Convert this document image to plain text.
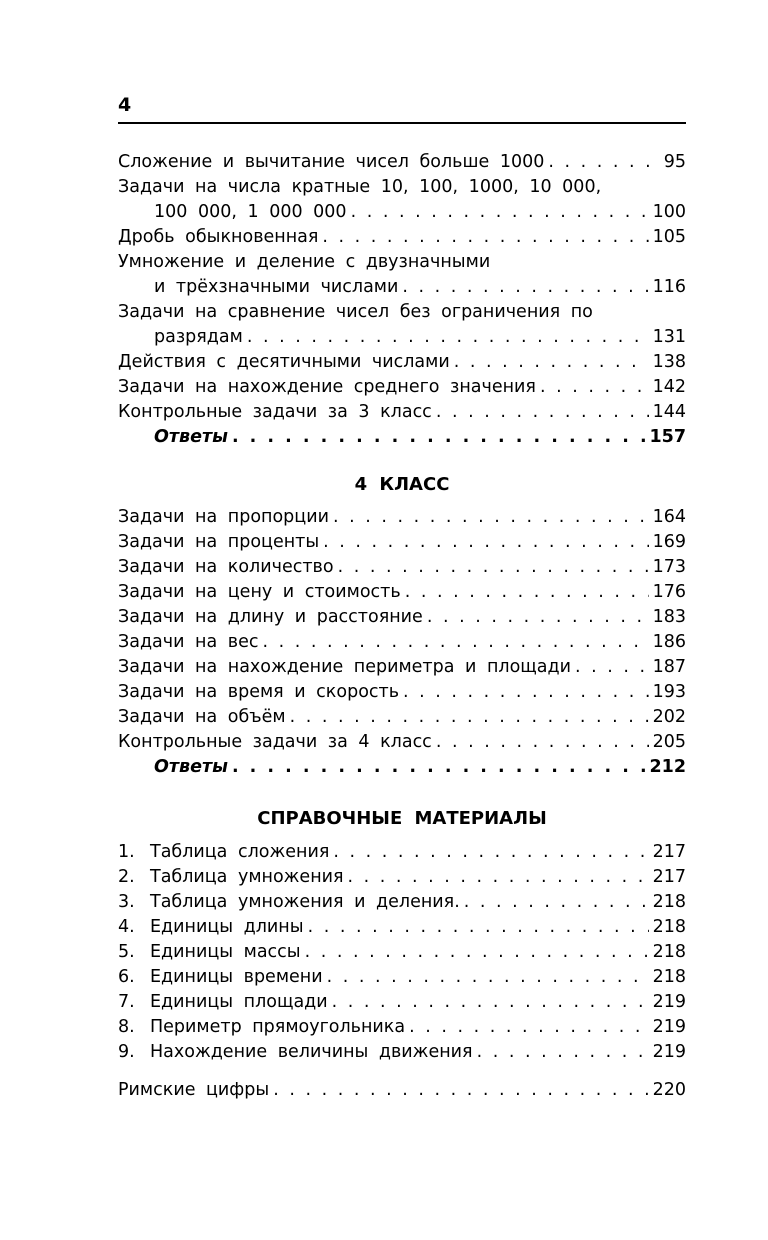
4
Сложение и вычитание чисел больше 1000 . . .	95
Задачи на числа кратные 10, 100, 1000, 10 000,
100 000, 1 000 000 . . .	100
Дробь обыкновенная . . .	105
Умножение и деление с двузначными
и трёхзначными числами . . .	116
Задачи на сравнение чисел без ограничения по
разрядам . . .	131
Действия с десятичными числами . . .	138
Задачи на нахождение среднего значения . . .	142
Контрольные задачи за 3 класс . . .	144
Ответы . . .	157
4 КЛАСС
Задачи на пропорции . . .	164
Задачи на проценты . . .	169
Задачи на количество . . .	173
Задачи на цену и стоимость . . .	176
Задачи на длину и расстояние . . .	183
Задачи на вес . . .	186
Задачи на нахождение периметра и площади . . .	187
Задачи на время и скорость . . .	193
Задачи на объём . . .	202
Контрольные задачи за 4 класс . . .	205
Ответы . . .	212
СПРАВОЧНЫЕ МАТЕРИАЛЫ
1. Таблица сложения . . .	217
2. Таблица умножения . . .	217
3. Таблица умножения и деления. . . .	218
4. Единицы длины . . .	218
5. Единицы массы . . .	218
6. Единицы времени . . .	218
7. Единицы площади . . .	219
8. Периметр прямоугольника . . .	219
9. Нахождение величины движения . . .	219
Римские цифры . . .	220
